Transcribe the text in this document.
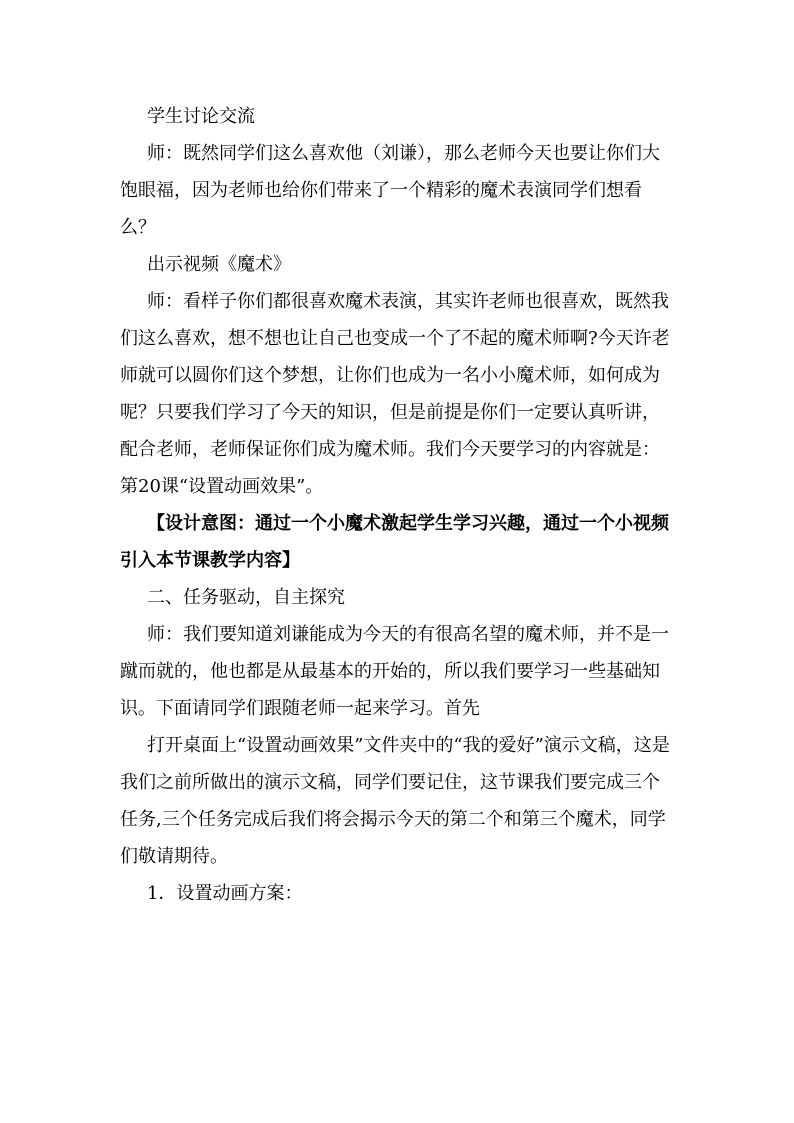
学生讨论交流

师：既然同学们这么喜欢他（刘谦），那么老师今天也要让你们大饱眼福，因为老师也给你们带来了一个精彩的魔术表演同学们想看么？

出示视频《魔术》

师：看样子你们都很喜欢魔术表演，其实许老师也很喜欢，既然我们这么喜欢，想不想也让自己也变成一个了不起的魔术师啊?今天许老师就可以圆你们这个梦想，让你们也成为一名小小魔术师，如何成为呢？只要我们学习了今天的知识，但是前提是你们一定要认真听讲，配合老师，老师保证你们成为魔术师。我们今天要学习的内容就是：第20课“设置动画效果”。

【设计意图：通过一个小魔术激起学生学习兴趣，通过一个小视频引入本节课教学内容】

二、任务驱动，自主探究

师：我们要知道刘谦能成为今天的有很高名望的魔术师，并不是一蹴而就的，他也都是从最基本的开始的，所以我们要学习一些基础知识。下面请同学们跟随老师一起来学习。首先

打开桌面上“设置动画效果”文件夹中的“我的爱好”演示文稿，这是我们之前所做出的演示文稿，同学们要记住，这节课我们要完成三个任务,三个任务完成后我们将会揭示今天的第二个和第三个魔术，同学们敬请期待。

1．设置动画方案：
